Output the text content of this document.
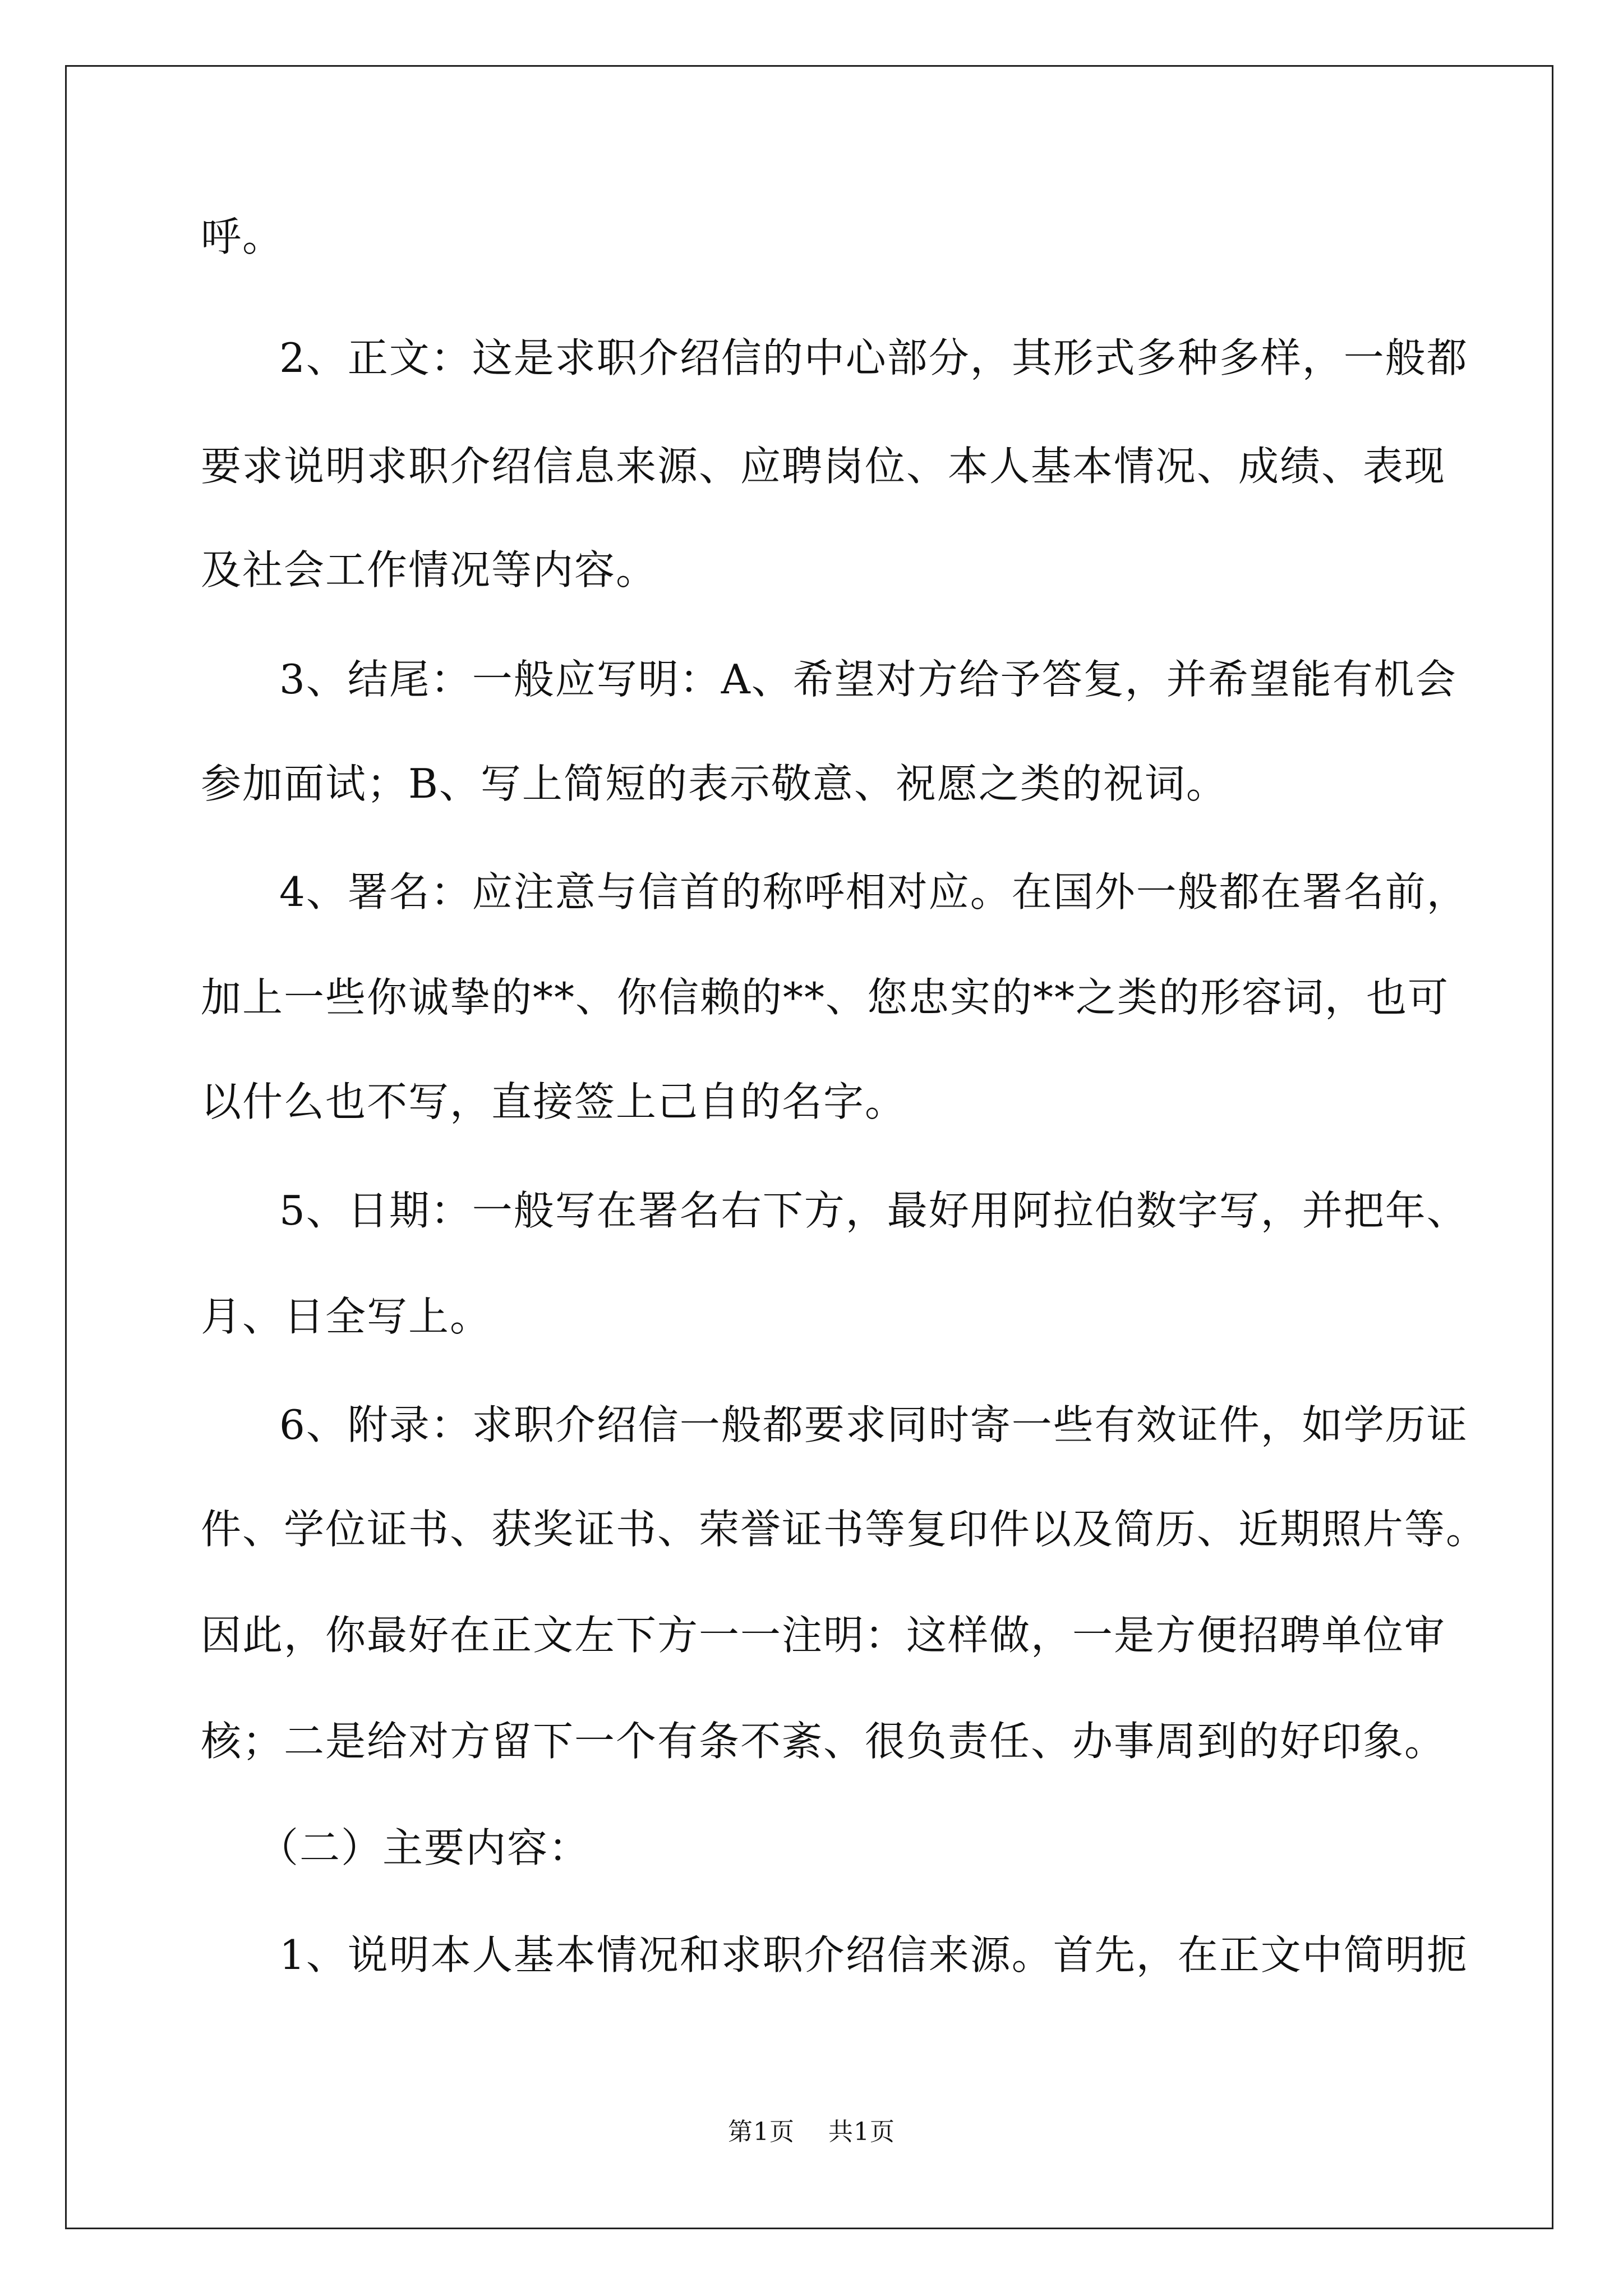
呼。
2、正文：这是求职介绍信的中心部分，其形式多种多样，一般都
要求说明求职介绍信息来源、应聘岗位、本人基本情况、成绩、表现
及社会工作情况等内容。
3、结尾：一般应写明：A、希望对方给予答复，并希望能有机会
参加面试；B、写上简短的表示敬意、祝愿之类的祝词。
4、署名：应注意与信首的称呼相对应。在国外一般都在署名前，
加上一些你诚挚的**、你信赖的**、您忠实的**之类的形容词，也可
以什么也不写，直接签上己自的名字。
5、日期：一般写在署名右下方，最好用阿拉伯数字写，并把年、
月、日全写上。
6、附录：求职介绍信一般都要求同时寄一些有效证件，如学历证
件、学位证书、获奖证书、荣誉证书等复印件以及简历、近期照片等。
因此，你最好在正文左下方一一注明：这样做，一是方便招聘单位审
核；二是给对方留下一个有条不紊、很负责任、办事周到的好印象。
（二）主要内容：
1、说明本人基本情况和求职介绍信来源。首先，在正文中简明扼
第1页 共1页
